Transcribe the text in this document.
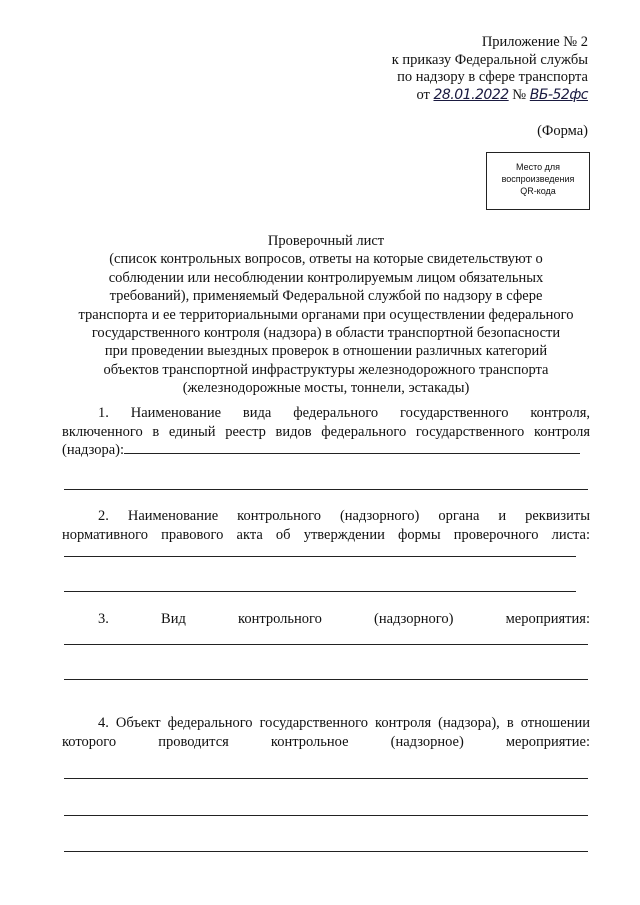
Приложение № 2
к приказу Федеральной службы
по надзору в сфере транспорта
от 28.01.2022 № ВБ-52фс
(Форма)
Место для
воспроизведения
QR-кода
Проверочный лист
(список контрольных вопросов, ответы на которые свидетельствуют о
соблюдении или несоблюдении контролируемым лицом обязательных
требований), применяемый Федеральной службой по надзору в сфере
транспорта и ее территориальными органами при осуществлении федерального
государственного контроля (надзора) в области транспортной безопасности
при проведении выездных проверок в отношении различных категорий
объектов транспортной инфраструктуры железнодорожного транспорта
(железнодорожные мосты, тоннели, эстакады)
1. Наименование вида федерального государственного контроля,
включенного в единый реестр видов федерального государственного контроля
(надзора):
2. Наименование контрольного (надзорного) органа и реквизиты
нормативного правового акта об утверждении формы проверочного листа:
3.	Вид	контрольного	(надзорного)	мероприятия:
4. Объект федерального государственного контроля (надзора), в отношении
которого проводится контрольное (надзорное) мероприятие:
